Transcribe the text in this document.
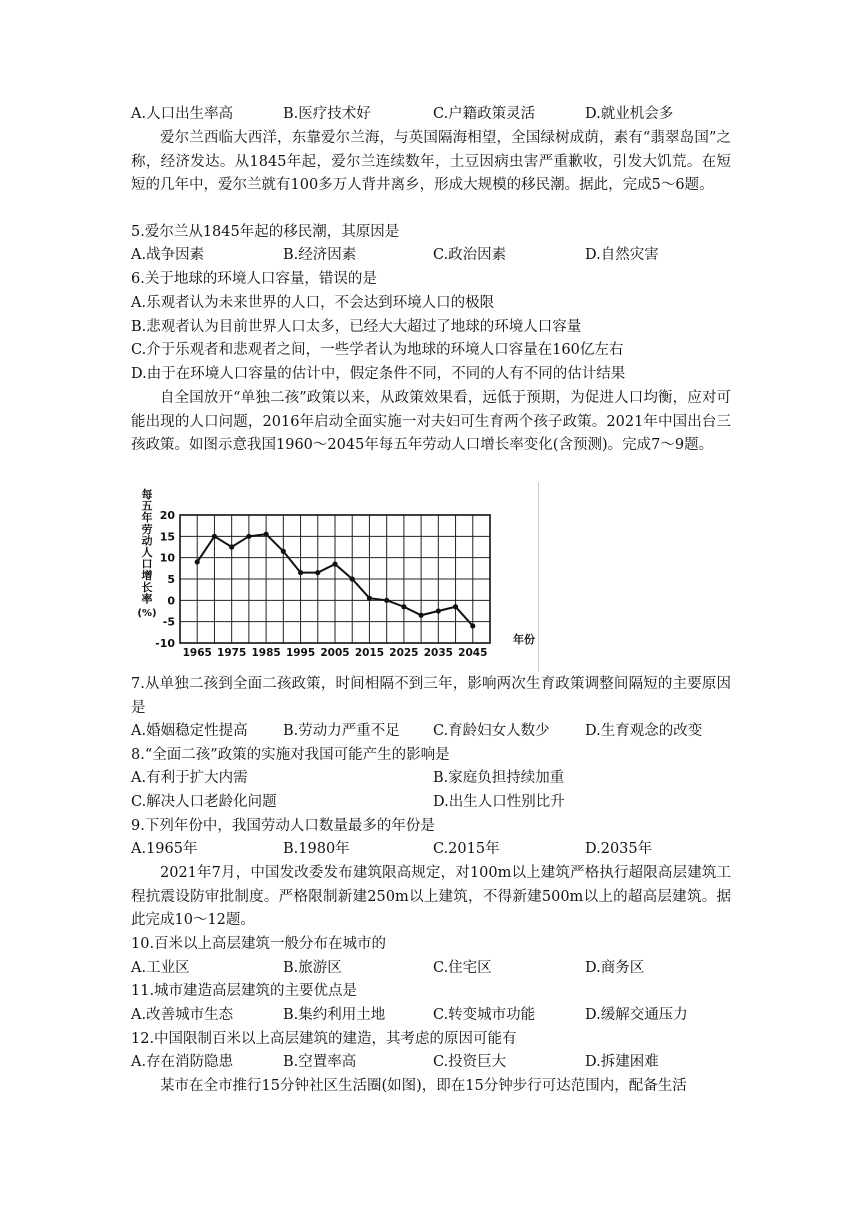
A.人口出生率高	B.医疗技术好	C.户籍政策灵活	D.就业机会多
爱尔兰西临大西洋，东靠爱尔兰海，与英国隔海相望，全国绿树成荫，素有“翡翠岛国”之称，经济发达。从1845年起，爱尔兰连续数年，土豆因病虫害严重歉收，引发大饥荒。在短短的几年中，爱尔兰就有100多万人背井离乡，形成大规模的移民潮。据此，完成5～6题。
5.爱尔兰从1845年起的移民潮，其原因是
A.战争因素	B.经济因素	C.政治因素	D.自然灾害
6.关于地球的环境人口容量，错误的是
A.乐观者认为未来世界的人口，不会达到环境人口的极限
B.悲观者认为目前世界人口太多，已经大大超过了地球的环境人口容量
C.介于乐观者和悲观者之间，一些学者认为地球的环境人口容量在160亿左右
D.由于在环境人口容量的估计中，假定条件不同，不同的人有不同的估计结果
自全国放开“单独二孩”政策以来，从政策效果看，远低于预期，为促进人口均衡，应对可能出现的人口问题，2016年启动全面实施一对夫妇可生育两个孩子政策。2021年中国出台三孩政策。如图示意我国1960～2045年每五年劳动人口增长率变化(含预测)。完成7～9题。
每
五
年
劳
动
人
口
增
长
率
(%)
20
15
10
5
0
-5
-10
1965 1975 1985 1995 2005 2015 2025 2035 2045
年份
7.从单独二孩到全面二孩政策，时间相隔不到三年，影响两次生育政策调整间隔短的主要原因是
A.婚姻稳定性提高 B.劳动力严重不足 C.育龄妇女人数少 D.生育观念的改变
8.“全面二孩”政策的实施对我国可能产生的影响是
A.有利于扩大内需	B.家庭负担持续加重
C.解决人口老龄化问题	D.出生人口性别比升
9.下列年份中，我国劳动人口数量最多的年份是
A.1965年	B.1980年	C.2015年	D.2035年
2021年7月，中国发改委发布建筑限高规定，对100m以上建筑严格执行超限高层建筑工程抗震设防审批制度。严格限制新建250m以上建筑，不得新建500m以上的超高层建筑。据此完成10～12题。
10.百米以上高层建筑一般分布在城市的
A.工业区	B.旅游区	C.住宅区	D.商务区
11.城市建造高层建筑的主要优点是
A.改善城市生态	B.集约利用土地	C.转变城市功能	D.缓解交通压力
12.中国限制百米以上高层建筑的建造，其考虑的原因可能有
A.存在消防隐患	B.空置率高	C.投资巨大	D.拆建困难
某市在全市推行15分钟社区生活圈(如图)，即在15分钟步行可达范围内，配备生活
